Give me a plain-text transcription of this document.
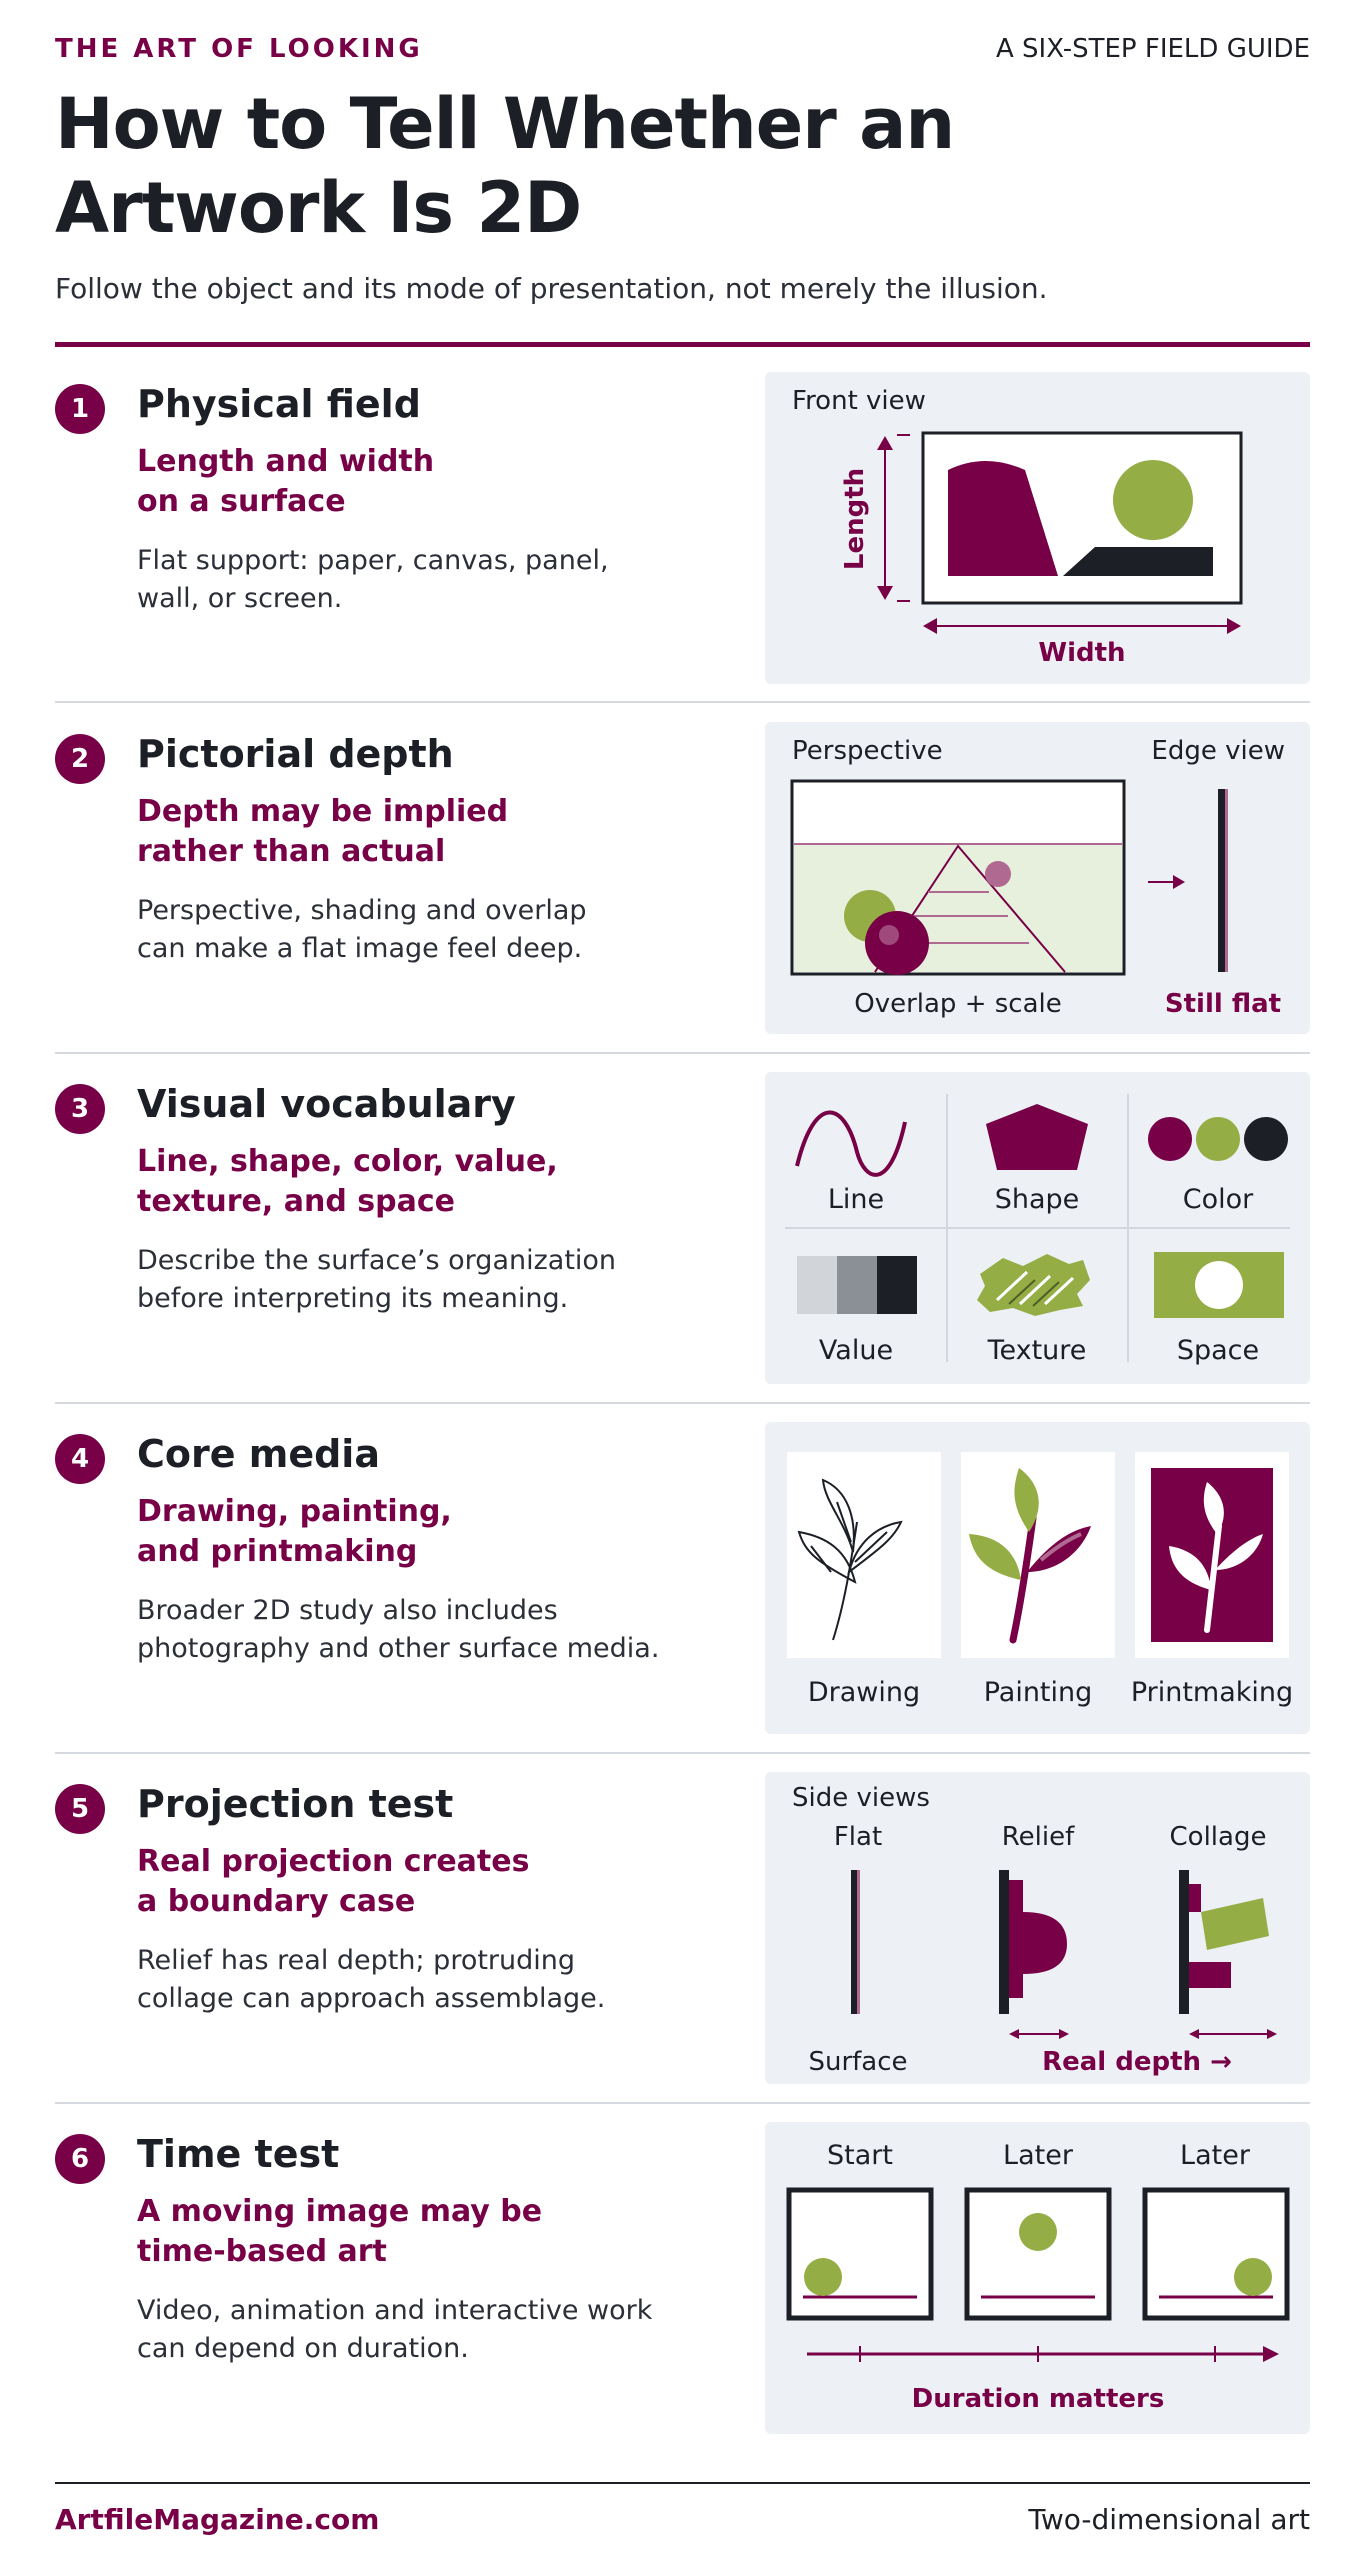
THE ART OF LOOKING	A SIX-STEP FIELD GUIDE
How to Tell Whether an Artwork Is 2D
Follow the object and its mode of presentation, not merely the illusion.
1	Physical field
Length and width
on a surface
Flat support: paper, canvas, panel,
wall, or screen.
Front view
Length
Width
2	Pictorial depth
Depth may be implied
rather than actual
Perspective, shading and overlap
can make a flat image feel deep.
Perspective	Edge view
Overlap + scale	Still flat
3	Visual vocabulary
Line, shape, color, value,
texture, and space
Describe the surface’s organization
before interpreting its meaning.
Line	Shape	Color
Value	Texture	Space
4	Core media
Drawing, painting,
and printmaking
Broader 2D study also includes
photography and other surface media.
Drawing Painting Printmaking
5	Projection test
Real projection creates
a boundary case
Relief has real depth; protruding
collage can approach assemblage.
Side views
Flat	Relief	Collage
Surface	Real depth →
6	Time test
A moving image may be
time-based art
Video, animation and interactive work
can depend on duration.
Start	Later	Later
Duration matters
ArtfileMagazine.com	Two-dimensional art
